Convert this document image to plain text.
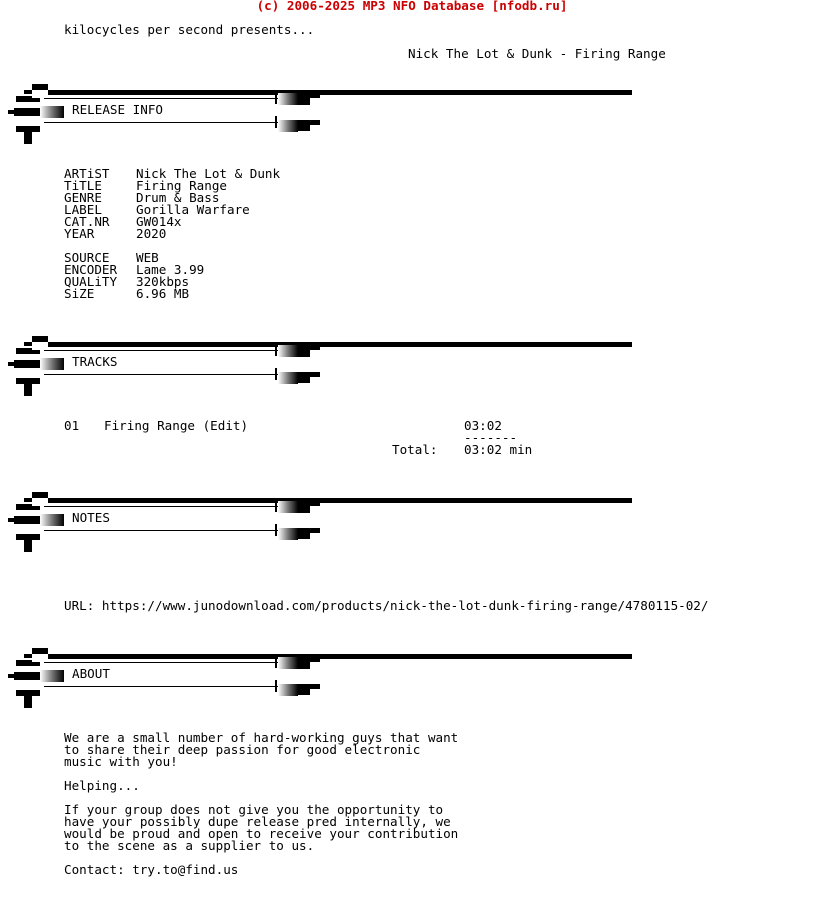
(c) 2006-2025 MP3 NFO Database [nfodb.ru]
kilocycles per second presents...
Nick The Lot & Dunk - Firing Range
RELEASE INFO
ARTiST Nick The Lot & Dunk
TiTLE	Firing Range
GENRE	Drum & Bass
LABEL	Gorilla Warfare
CAT.NR GW014x
YEAR	2020
SOURCE WEB
ENCODER Lame 3.99
QUALiTY 320kbps
SiZE	6.96 MB
TRACKS
01 Firing Range (Edit)	03:02
-------
Total: 03:02 min
NOTES
URL: https://www.junodownload.com/products/nick-the-lot-dunk-firing-range/4780115-02/
ABOUT
We are a small number of hard-working guys that want
to share their deep passion for good electronic
music with you!
Helping...
If your group does not give you the opportunity to
have your possibly dupe release pred internally, we
would be proud and open to receive your contribution
to the scene as a supplier to us.
Contact: try.to@find.us
